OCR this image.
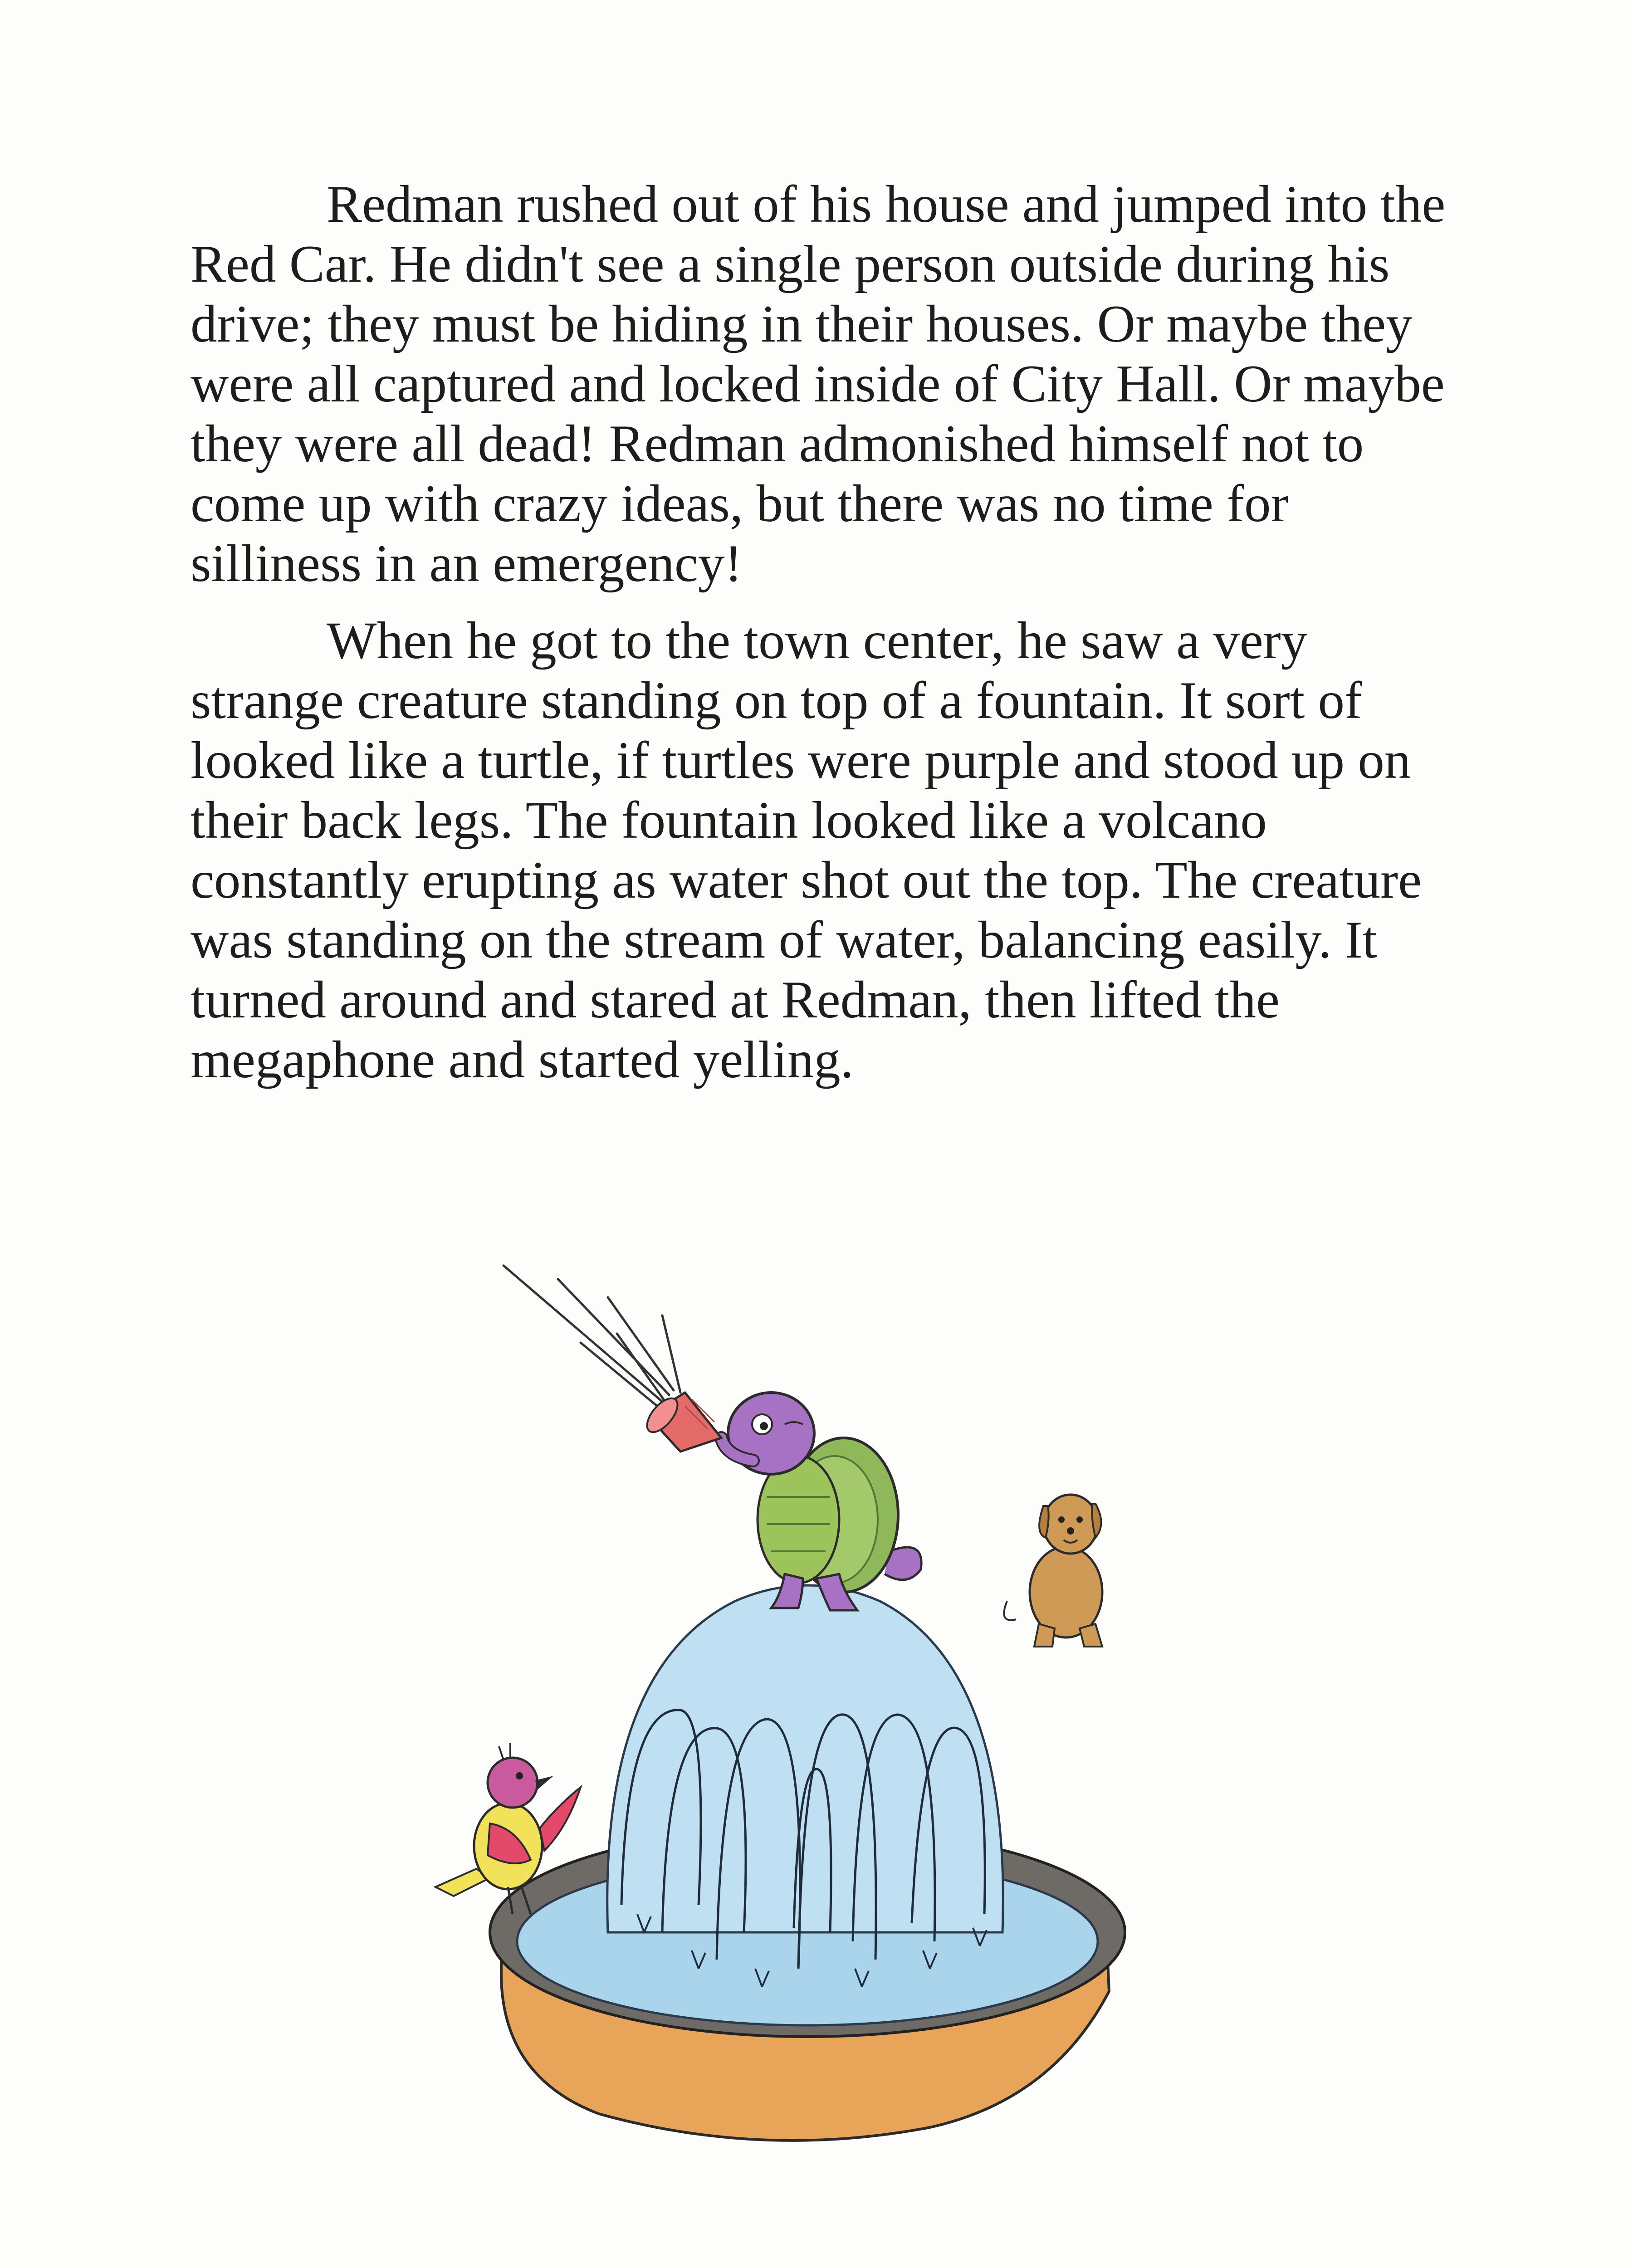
Redman rushed out of his house and jumped into the Red Car. He didn't see a single person outside during his drive; they must be hiding in their houses. Or maybe they were all captured and locked inside of City Hall. Or maybe they were all dead! Redman admonished himself not to come up with crazy ideas, but there was no time for silliness in an emergency!

When he got to the town center, he saw a very strange creature standing on top of a fountain. It sort of looked like a turtle, if turtles were purple and stood up on their back legs. The fountain looked like a volcano constantly erupting as water shot out the top. The creature was standing on the stream of water, balancing easily. It turned around and stared at Redman, then lifted the megaphone and started yelling.
